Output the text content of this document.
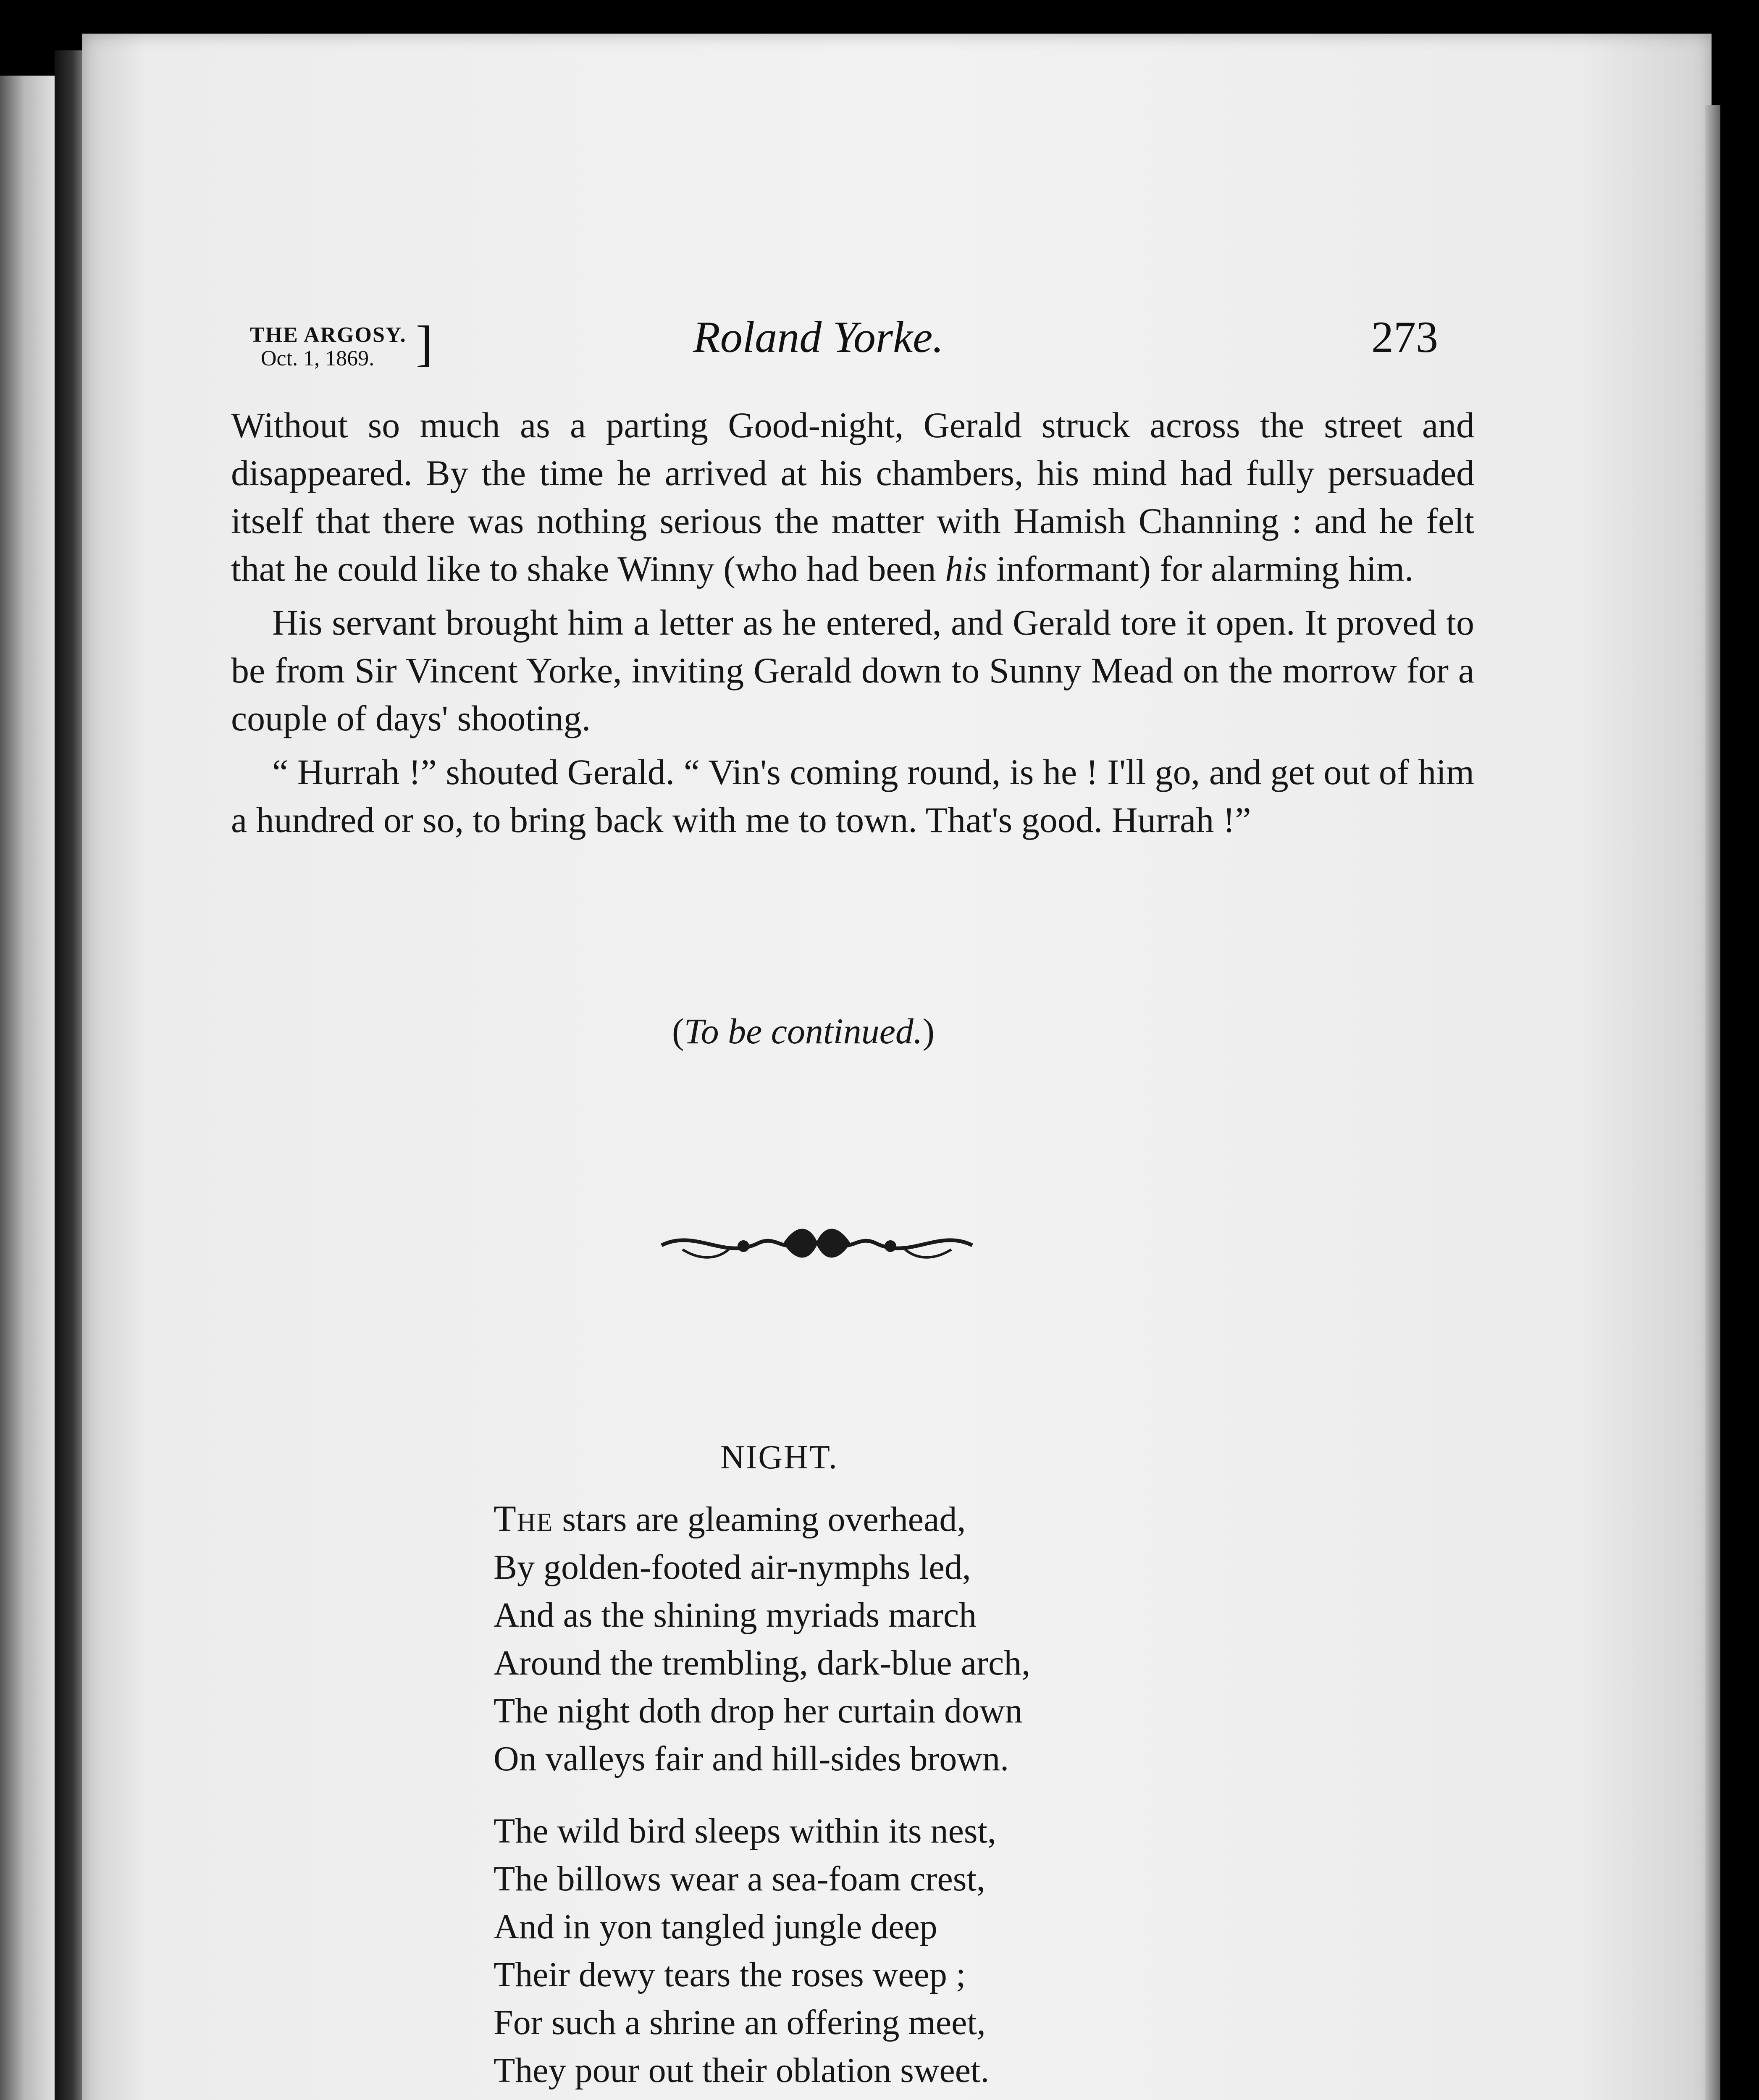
THE ARGOSY.
Oct. 1, 1869. ]	Roland Yorke.	273

Without so much as a parting Good-night, Gerald struck across the street and disappeared. By the time he arrived at his chambers, his mind had fully persuaded itself that there was nothing serious the matter with Hamish Channing : and he felt that he could like to shake Winny (who had been his informant) for alarming him.

His servant brought him a letter as he entered, and Gerald tore it open. It proved to be from Sir Vincent Yorke, inviting Gerald down to Sunny Mead on the morrow for a couple of days' shooting.

“ Hurrah !” shouted Gerald. “ Vin's coming round, is he ! I'll go, and get out of him a hundred or so, to bring back with me to town. That's good. Hurrah !”

(To be continued.)
NIGHT.
The stars are gleaming overhead,
By golden-footed air-nymphs led,
And as the shining myriads march
Around the trembling, dark-blue arch,
The night doth drop her curtain down
On valleys fair and hill-sides brown.
The wild bird sleeps within its nest,
The billows wear a sea-foam crest,
And in yon tangled jungle deep
Their dewy tears the roses weep ;
For such a shrine an offering meet,
They pour out their oblation sweet.
